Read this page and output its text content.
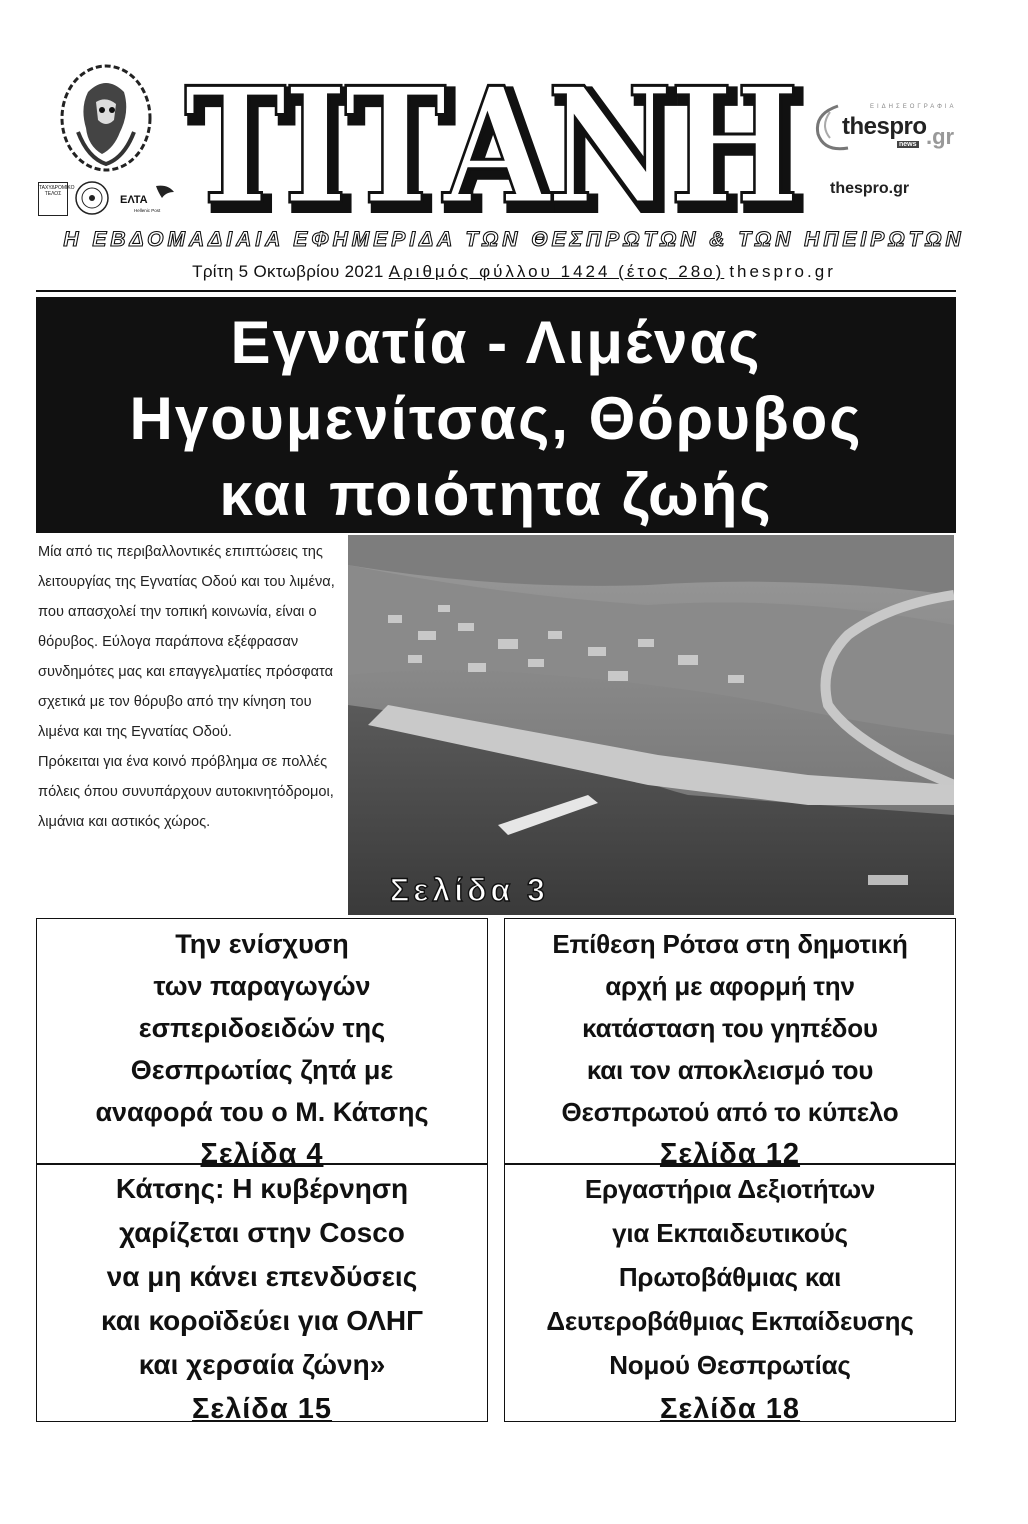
ΤΑΧΥΔΡΟΜΙΚΟ ΤΕΛΟΣ	ΕΛΤΑ
Hellenic Post ΤΙΤΑΝΗ
ΤΙΤΑΝΗ	ΕΙΔΗΣΕΟΓΡΑΦΙΑ
thespro .gr
news
thespro.gr
Η ΕΒΔΟΜΑΔΙΑΙΑ ΕΦΗΜΕΡΙΔΑ ΤΩΝ ΘΕΣΠΡΩΤΩΝ & ΤΩΝ ΗΠΕΙΡΩΤΩΝ
Τρίτη 5 Οκτωβρίου 2021 Αριθμός φύλλου 1424 (έτος 28ο) thespro.gr
Εγνατία - Λιμένας
Ηγουμενίτσας, Θόρυβος
και ποιότητα ζωής

Μία από τις περιβαλλοντικές επιπτώσεις της λειτουργίας της Εγνατίας Οδού και του λιμένα, που απασχολεί την τοπική κοινωνία, είναι ο θόρυβος. Εύλογα παράπονα εξέφρασαν συνδημότες μας και επαγγελματίες πρόσφατα σχετικά με τον θόρυβο από την κίνηση του λιμένα και της Εγνατίας Οδού.

Πρόκειται για ένα κοινό πρόβλημα σε πολλές πόλεις όπου συνυπάρχουν αυτοκινητόδρομοι, λιμάνια και αστικός χώρος.

Σελίδα 3
Την ενίσχυση
των παραγωγών
εσπεριδοειδών της
Θεσπρωτίας ζητά με
αναφορά του ο Μ. Κάτσης
Σελίδα 4
Επίθεση Ρότσα στη δημοτική
αρχή με αφορμή την
κατάσταση του γηπέδου
και τον αποκλεισμό του
Θεσπρωτού από το κύπελο
Σελίδα 12
Κάτσης: Η κυβέρνηση
χαρίζεται στην Cosco
να μη κάνει επενδύσεις
και κοροϊδεύει για ΟΛΗΓ
και χερσαία ζώνη»
Σελίδα 15
Εργαστήρια Δεξιοτήτων
για Εκπαιδευτικούς
Πρωτοβάθμιας και
Δευτεροβάθμιας Εκπαίδευσης
Νομού Θεσπρωτίας
Σελίδα 18
